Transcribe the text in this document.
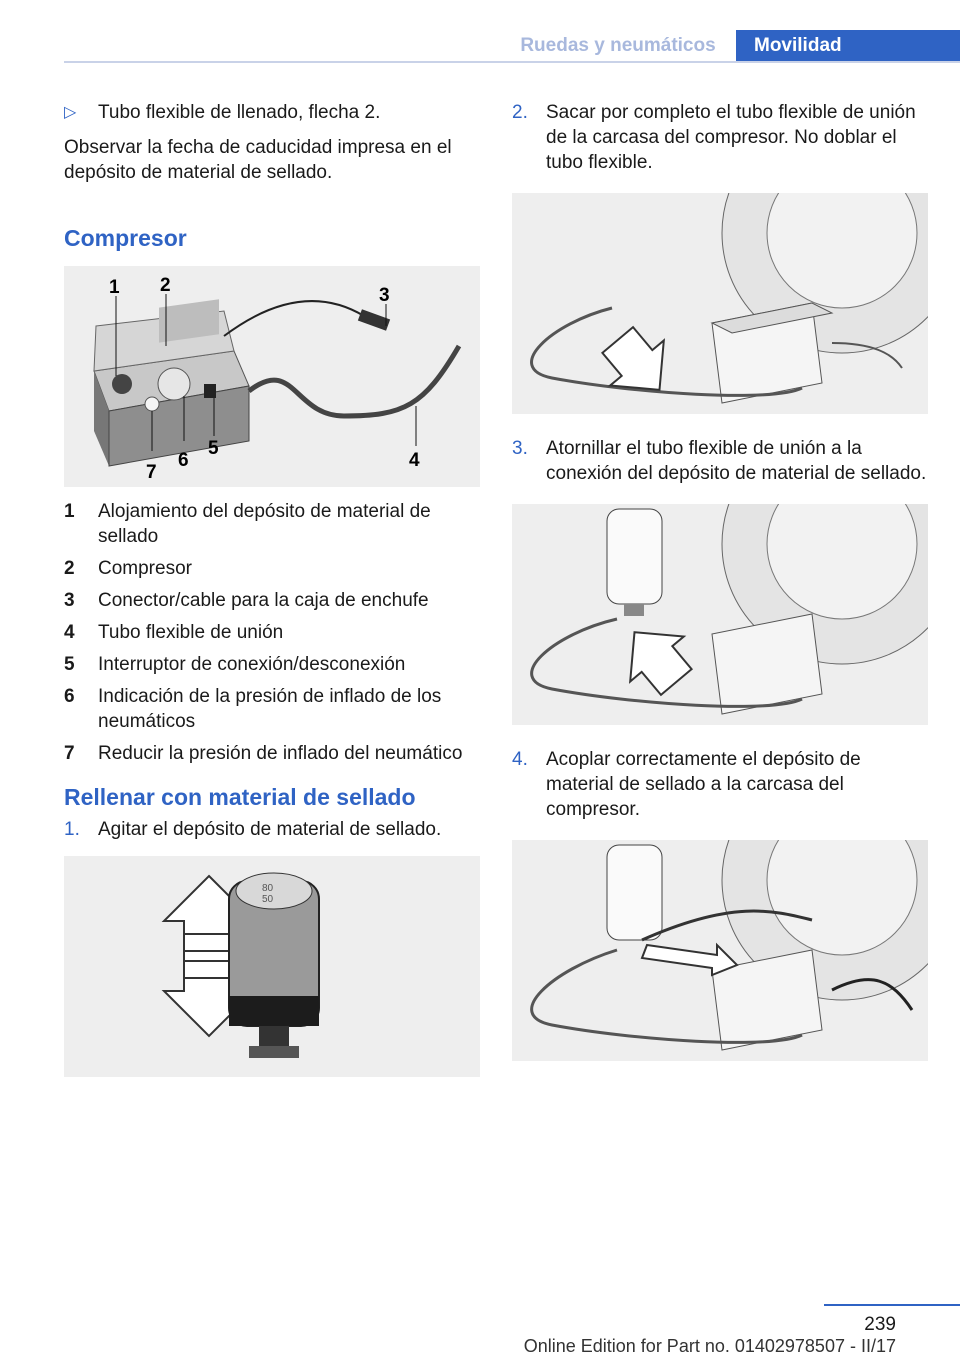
Ruedas y neumáticos	Movilidad
▷	Tubo flexible de llenado, flecha 2.

Observar la fecha de caducidad impresa en el depósito de material de sellado.

Compresor
1 2	3
4
5
6
7
1	Alojamiento del depósito de material de sellado
2	Compresor
3	Conector/cable para la caja de enchufe
4	Tubo flexible de unión
5	Interruptor de conexión/desconexión
6	Indicación de la presión de inflado de los neumáticos
7	Reducir la presión de inflado del neumático
Rellenar con material de sellado
1. Agitar el depósito de material de sellado.
80
50
2. Sacar por completo el tubo flexible de unión de la carcasa del compresor. No doblar el tubo flexible.
3. Atornillar el tubo flexible de unión a la conexión del depósito de material de sellado.
4. Acoplar correctamente el depósito de material de sellado a la carcasa del compresor.
239
Online Edition for Part no. 01402978507 - II/17
